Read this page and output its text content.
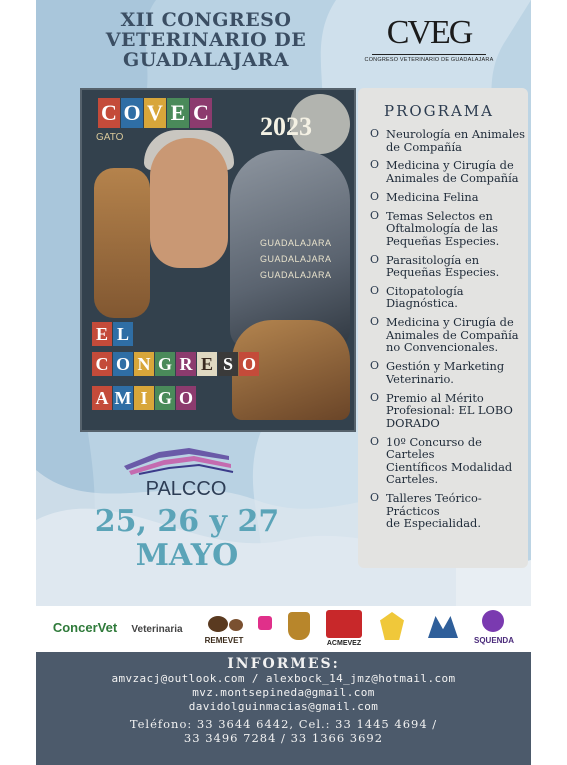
XII CONGRESO
VETERINARIO DE
GUADALAJARA
CVEG
CONGRESO VETERINARIO DE GUADALAJARA
2023
C O V E C
GATO
GUADALAJARA
GUADALAJARA
GUADALAJARA
E L
C O N G R E S O
A M I G O
PALCCO
25, 26 y 27
MAYO
PROGRAMA
O Neurología en Animales
de Compañía
O Medicina y Cirugía de
Animales de Compañía
O Medicina Felina
O Temas Selectos en
Oftalmología de las
Pequeñas Especies.
O Parasitología en
Pequeñas Especies.
O Citopatología
Diagnóstica.
O Medicina y Cirugía de
Animales de Compañía
no Convencionales.
O Gestión y Marketing
Veterinario.
O Premio al Mérito
Profesional: EL LOBO
DORADO
O 10º Concurso de Carteles
Científicos Modalidad
Carteles.
O Talleres Teórico-Prácticos
de Especialidad.
ConcerVet	Veterinaria
REMEVET	ACMEVEZ	SQUENDA
INFORMES:
amvzacj@outlook.com / alexbock_14_jmz@hotmail.com
mvz.montsepineda@gmail.com
davidolguinmacias@gmail.com
Teléfono: 33 3644 6442, Cel.: 33 1445 4694 /
33 3496 7284 / 33 1366 3692
